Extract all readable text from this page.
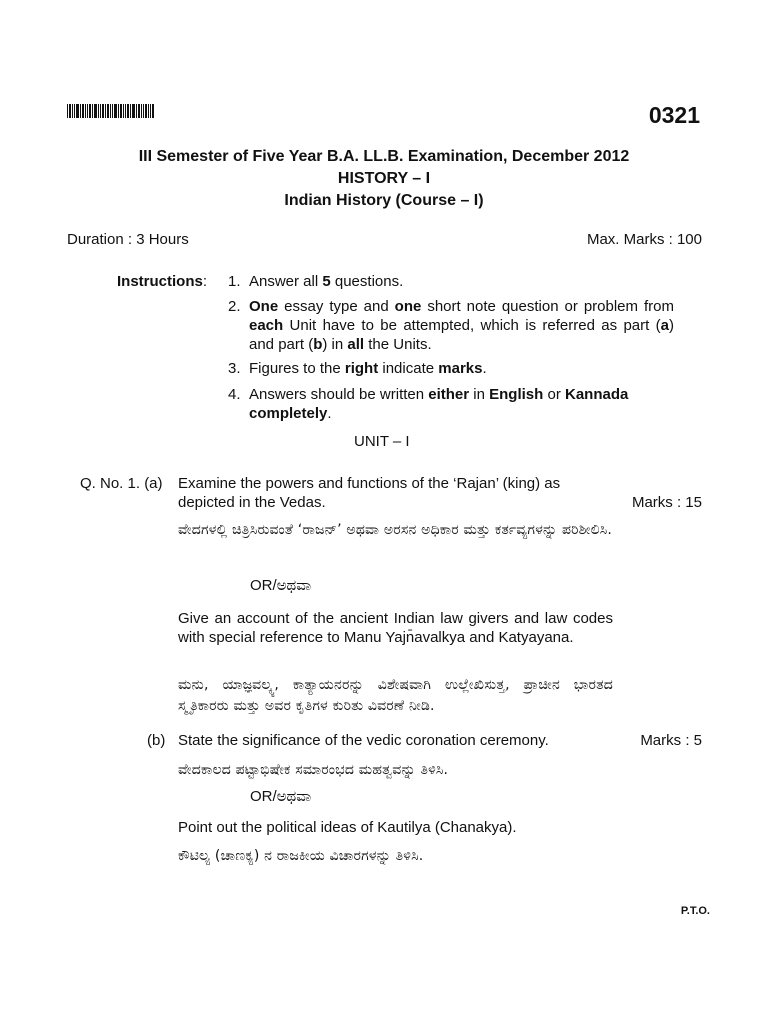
0321
III Semester of Five Year B.A. LL.B. Examination, December 2012
HISTORY – I
Indian History (Course – I)
Duration : 3 Hours	Max. Marks : 100
Instructions: 1. Answer all 5 questions.
2. One essay type and one short note question or problem from each Unit have to be attempted, which is referred as part (a) and part (b) in all the Units.
3. Figures to the right indicate marks.
4. Answers should be written either in English or Kannada
completely.
UNIT – I
Q. No. 1. (a) Examine the powers and functions of the ‘Rajan’ (king) as depicted in the Vedas.	Marks : 15
ವೇದಗಳಲ್ಲಿ ಚಿತ್ರಿಸಿರುವಂತೆ ‘ರಾಜನ್’ ಅಥವಾ ಅರಸನ ಅಧಿಕಾರ ಮತ್ತು ಕರ್ತವ್ಯಗಳನ್ನು ಪರಿಶೀಲಿಸಿ.
OR/ಅಥವಾ
Give an account of the ancient Indian law givers and law codes with special reference to Manu Yajn̄avalkya and Katyayana.
ಮನು, ಯಾಜ್ಞವಲ್ಕ್ಯ, ಕಾತ್ಯಾಯನರನ್ನು ವಿಶೇಷವಾಗಿ ಉಲ್ಲೇಖಿಸುತ್ತ, ಪ್ರಾಚೀನ ಭಾರತದ ಸ್ಮೃತಿಕಾರರು ಮತ್ತು ಅವರ ಕೃತಿಗಳ ಕುರಿತು ವಿವರಣೆ ನೀಡಿ.
(b) State the significance of the vedic coronation ceremony.	Marks : 5
ವೇದಕಾಲದ ಪಟ್ಟಾಭಿಷೇಕ ಸಮಾರಂಭದ ಮಹತ್ವವನ್ನು ತಿಳಿಸಿ.
OR/ಅಥವಾ
Point out the political ideas of Kautilya (Chanakya).
ಕೌಟಿಲ್ಯ (ಚಾಣಕ್ಯ) ನ ರಾಜಕೀಯ ವಿಚಾರಗಳನ್ನು ತಿಳಿಸಿ.
P.T.O.
